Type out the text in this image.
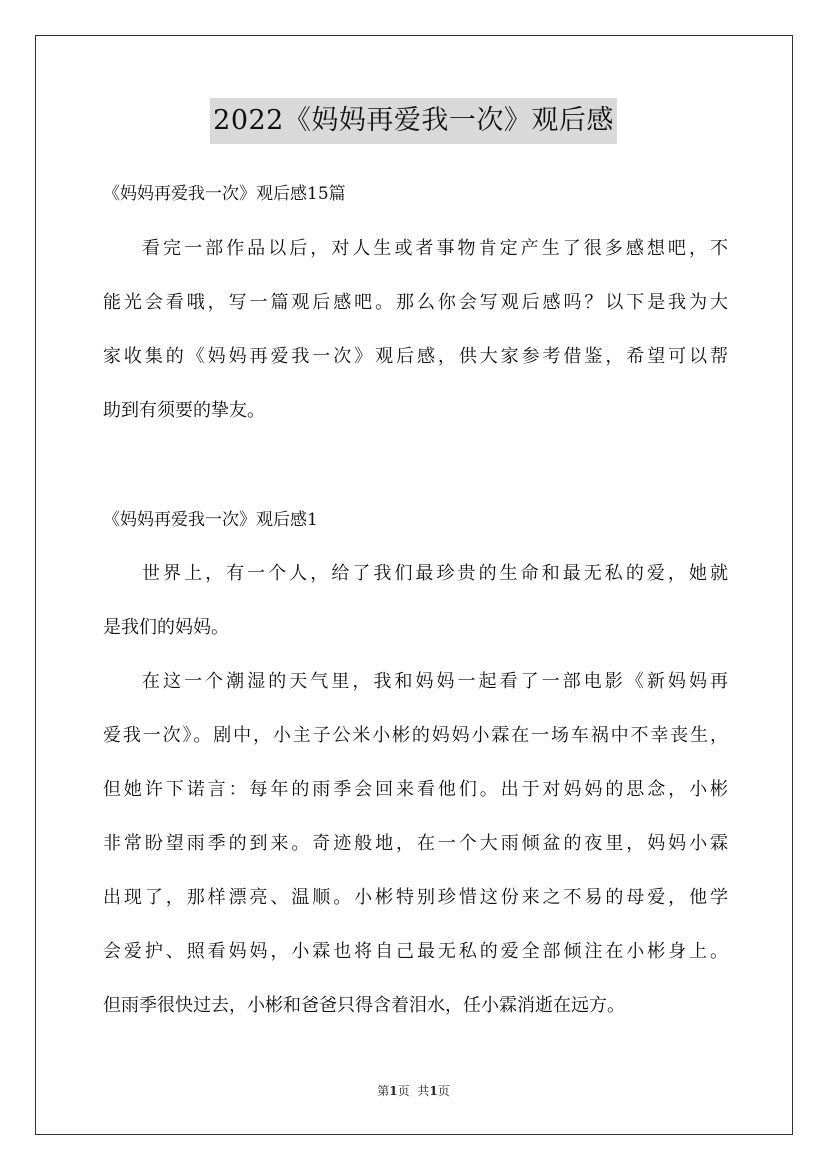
2022《妈妈再爱我一次》观后感
《妈妈再爱我一次》观后感15篇
看完一部作品以后，对人生或者事物肯定产生了很多感想吧，不
能光会看哦，写一篇观后感吧。那么你会写观后感吗？以下是我为大
家收集的《妈妈再爱我一次》观后感，供大家参考借鉴，希望可以帮
助到有须要的挚友。
《妈妈再爱我一次》观后感1
世界上，有一个人，给了我们最珍贵的生命和最无私的爱，她就
是我们的妈妈。
在这一个潮湿的天气里，我和妈妈一起看了一部电影《新妈妈再
爱我一次》。剧中，小主子公米小彬的妈妈小霖在一场车祸中不幸丧生，
但她许下诺言：每年的雨季会回来看他们。出于对妈妈的思念，小彬
非常盼望雨季的到来。奇迹般地，在一个大雨倾盆的夜里，妈妈小霖
出现了，那样漂亮、温顺。小彬特别珍惜这份来之不易的母爱，他学
会爱护、照看妈妈，小霖也将自己最无私的爱全部倾注在小彬身上。
但雨季很快过去，小彬和爸爸只得含着泪水，任小霖消逝在远方。
第1页 共1页
